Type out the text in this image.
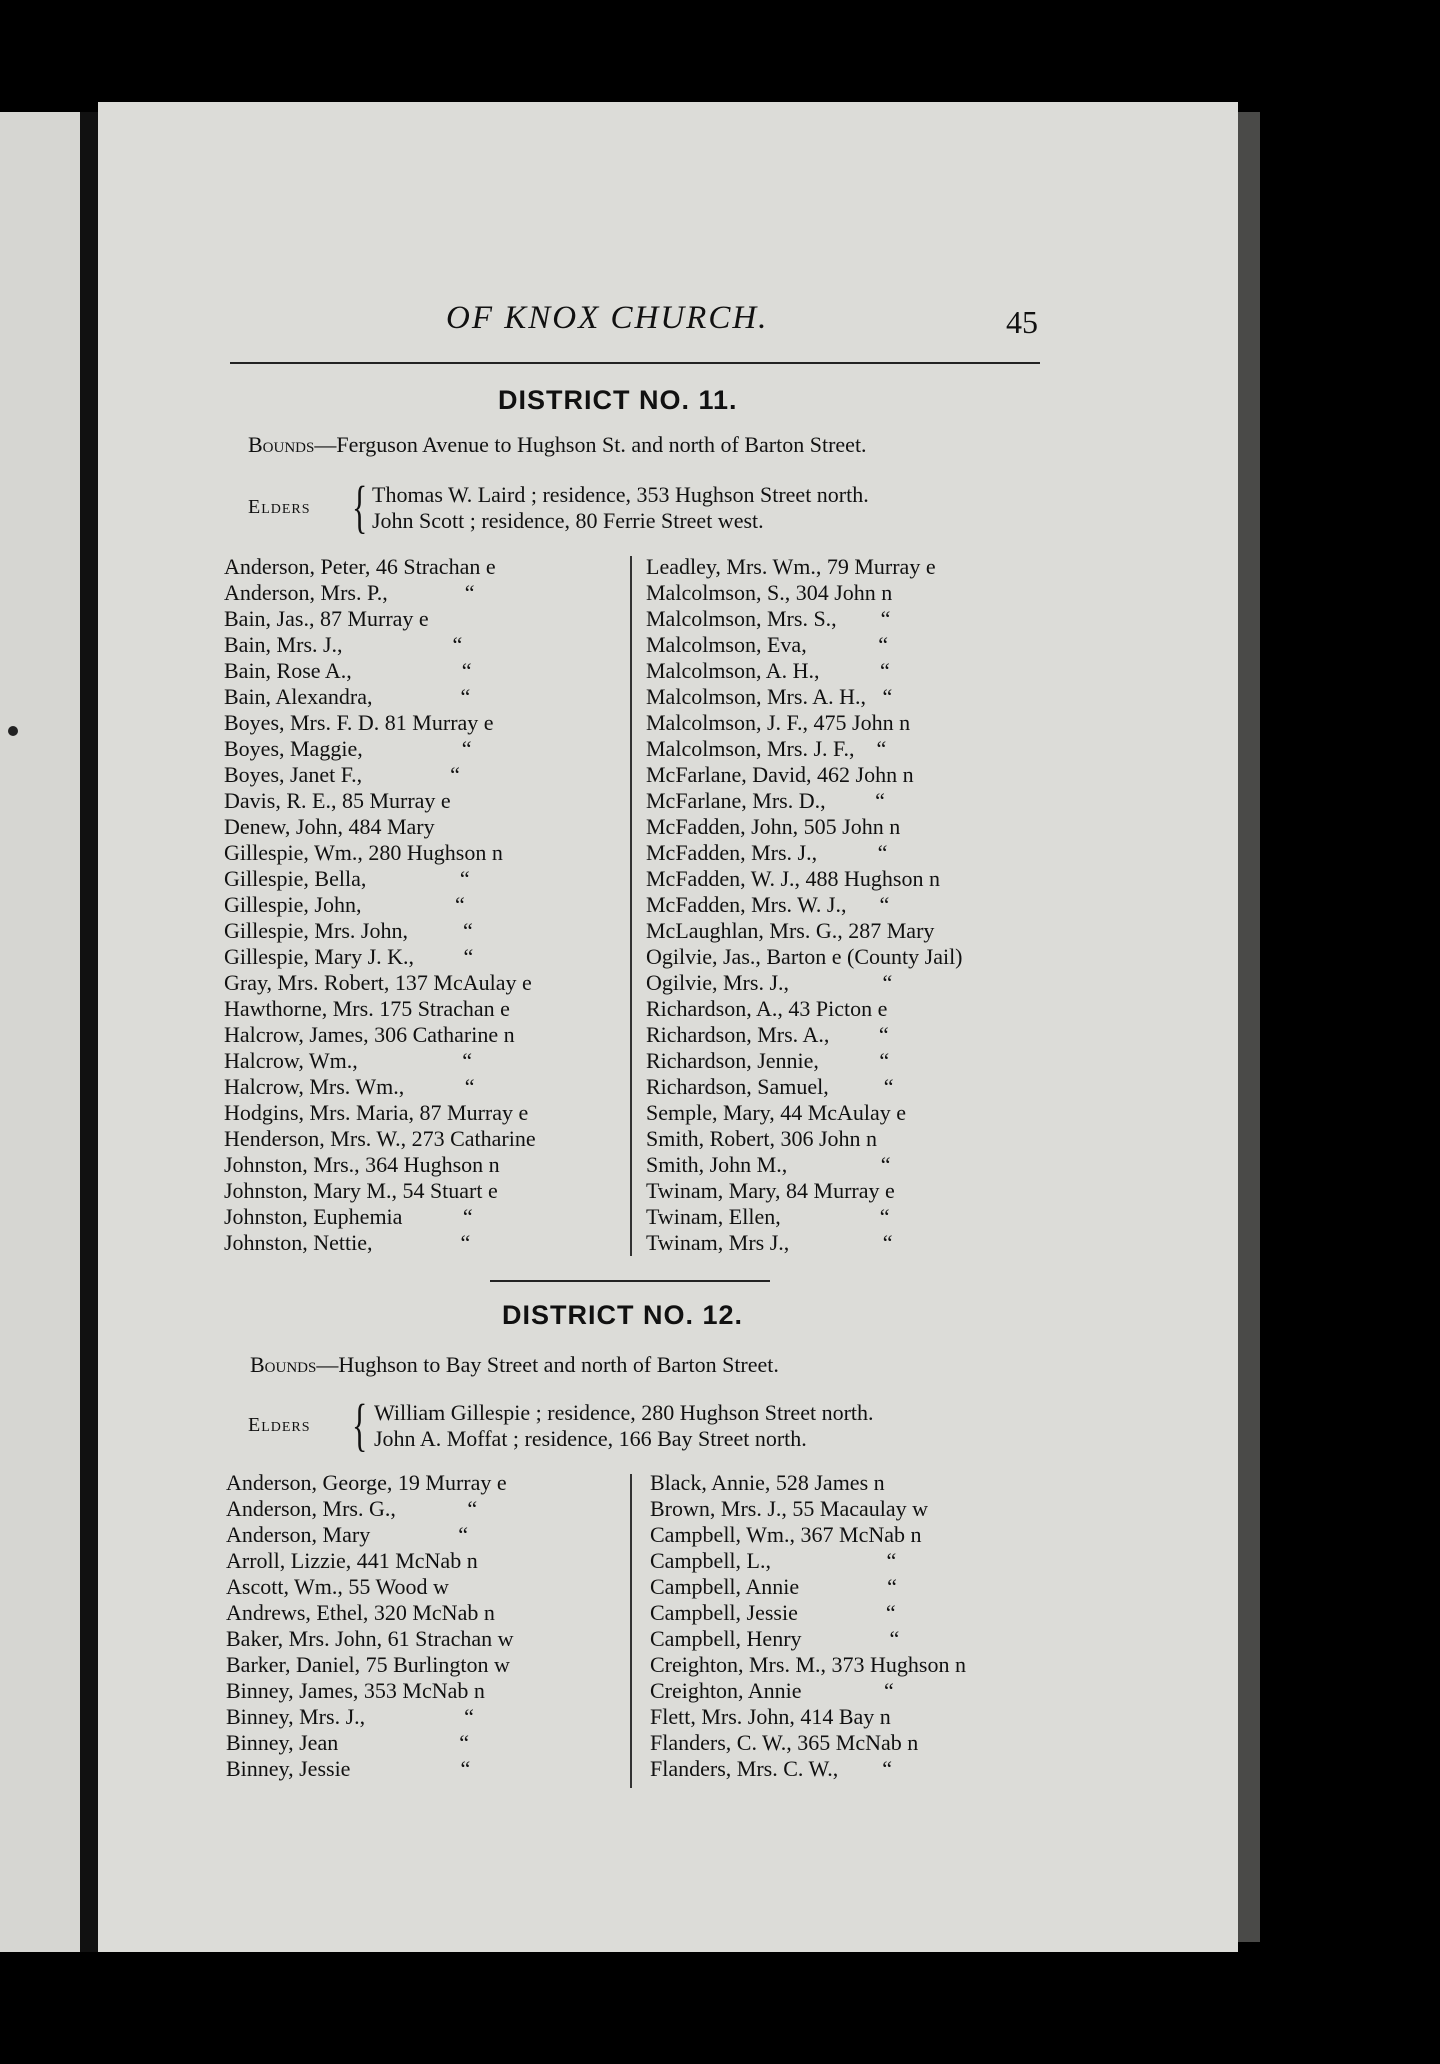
OF KNOX CHURCH.	45
DISTRICT NO. 11.
Bounds—Ferguson Avenue to Hughson St. and north of Barton Street.
Elders { Thomas W. Laird ; residence, 353 Hughson Street north.
John Scott ; residence, 80 Ferrie Street west.
Anderson, Peter, 46 Strachan e
Anderson, Mrs. P.,              “
Bain, Jas., 87 Murray e
Bain, Mrs. J.,                    “
Bain, Rose A.,                    “
Bain, Alexandra,                “
Boyes, Mrs. F. D. 81 Murray e
Boyes, Maggie,                  “
Boyes, Janet F.,                “
Davis, R. E., 85 Murray e
Denew, John, 484 Mary
Gillespie, Wm., 280 Hughson n
Gillespie, Bella,                 “
Gillespie, John,                 “
Gillespie, Mrs. John,          “
Gillespie, Mary J. K.,         “
Gray, Mrs. Robert, 137 McAulay e
Hawthorne, Mrs. 175 Strachan e
Halcrow, James, 306 Catharine n
Halcrow, Wm.,                   “
Halcrow, Mrs. Wm.,           “
Hodgins, Mrs. Maria, 87 Murray e
Henderson, Mrs. W., 273 Catharine
Johnston, Mrs., 364 Hughson n
Johnston, Mary M., 54 Stuart e
Johnston, Euphemia           “
Johnston, Nettie,                “
Leadley, Mrs. Wm., 79 Murray e
Malcolmson, S., 304 John n
Malcolmson, Mrs. S.,        “
Malcolmson, Eva,             “
Malcolmson, A. H.,           “
Malcolmson, Mrs. A. H.,   “
Malcolmson, J. F., 475 John n
Malcolmson, Mrs. J. F.,    “
McFarlane, David, 462 John n
McFarlane, Mrs. D.,         “
McFadden, John, 505 John n
McFadden, Mrs. J.,           “
McFadden, W. J., 488 Hughson n
McFadden, Mrs. W. J.,      “
McLaughlan, Mrs. G., 287 Mary
Ogilvie, Jas., Barton e (County Jail)
Ogilvie, Mrs. J.,                 “
Richardson, A., 43 Picton e
Richardson, Mrs. A.,         “
Richardson, Jennie,           “
Richardson, Samuel,          “
Semple, Mary, 44 McAulay e
Smith, Robert, 306 John n
Smith, John M.,                 “
Twinam, Mary, 84 Murray e
Twinam, Ellen,                  “
Twinam, Mrs J.,                 “
DISTRICT NO. 12.
Bounds—Hughson to Bay Street and north of Barton Street.
Elders { William Gillespie ; residence, 280 Hughson Street north.
John A. Moffat ; residence, 166 Bay Street north.
Anderson, George, 19 Murray e
Anderson, Mrs. G.,             “
Anderson, Mary                “
Arroll, Lizzie, 441 McNab n
Ascott, Wm., 55 Wood w
Andrews, Ethel, 320 McNab n
Baker, Mrs. John, 61 Strachan w
Barker, Daniel, 75 Burlington w
Binney, James, 353 McNab n
Binney, Mrs. J.,                  “
Binney, Jean                      “
Binney, Jessie                    “
Black, Annie, 528 James n
Brown, Mrs. J., 55 Macaulay w
Campbell, Wm., 367 McNab n
Campbell, L.,                     “
Campbell, Annie                “
Campbell, Jessie                “
Campbell, Henry                “
Creighton, Mrs. M., 373 Hughson n
Creighton, Annie               “
Flett, Mrs. John, 414 Bay n
Flanders, C. W., 365 McNab n
Flanders, Mrs. C. W.,        “
